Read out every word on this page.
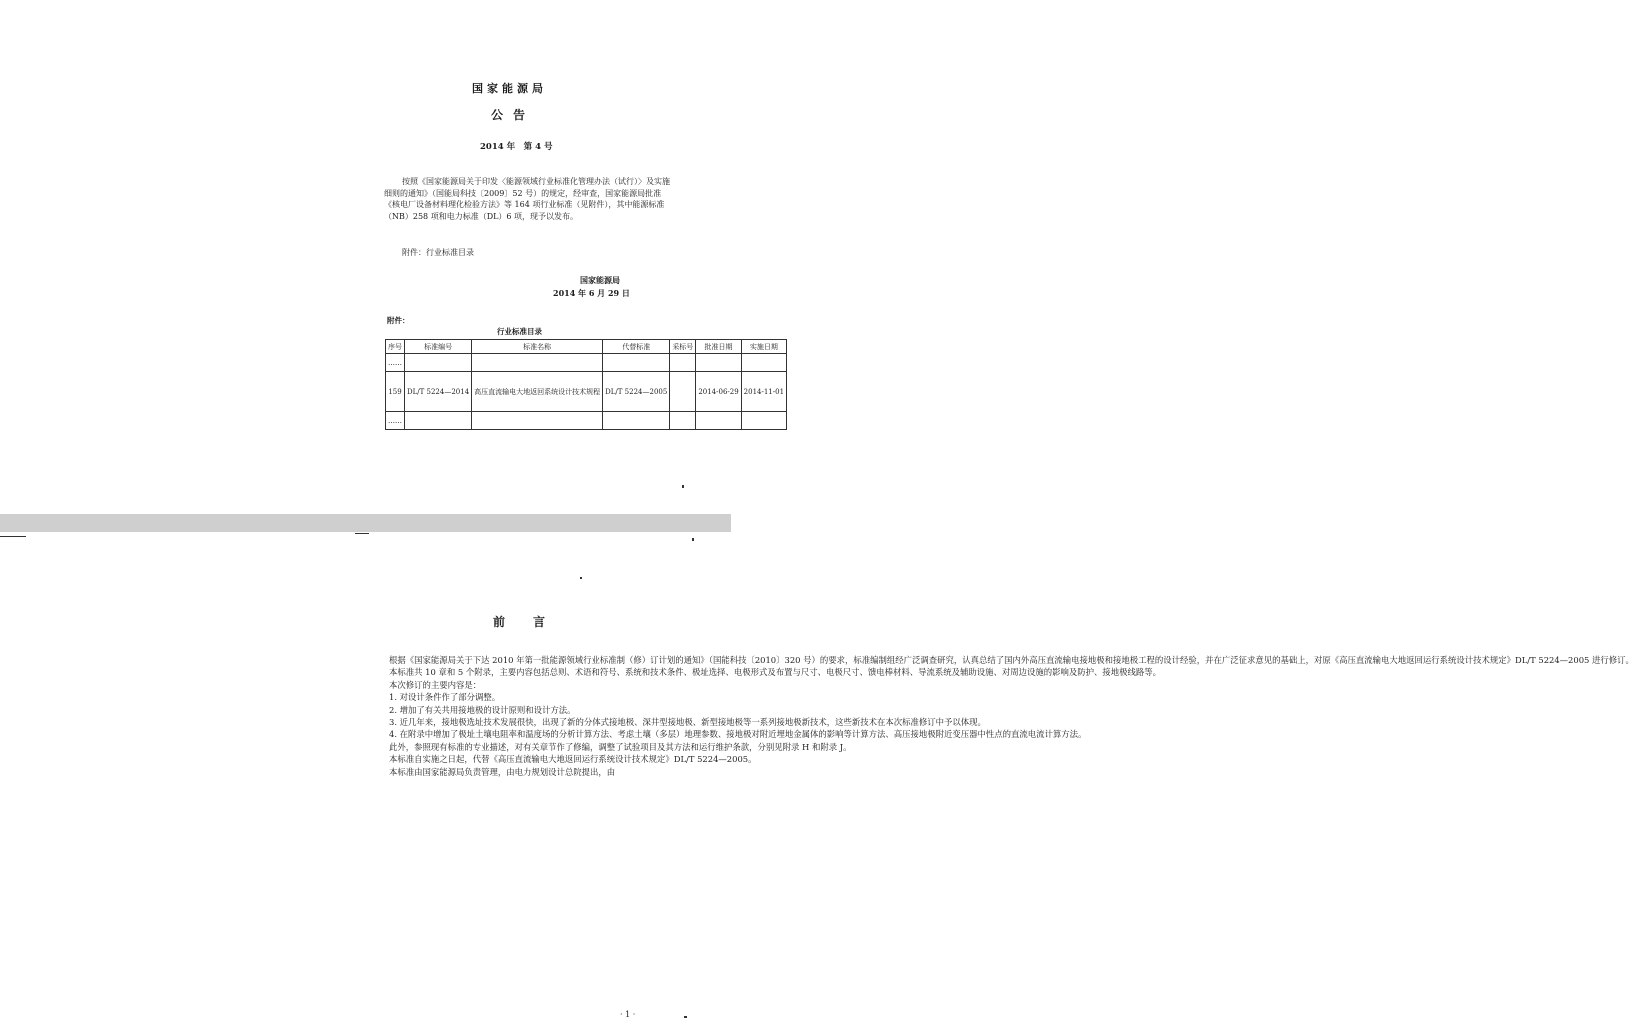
国家能源局
公告
2014 年　第 4 号
按照《国家能源局关于印发〈能源领域行业标准化管理办法（试行）〉及实施细则的通知》（国能局科技〔2009〕52 号）的规定，经审查，国家能源局批准《核电厂设备材料理化检验方法》等 164 项行业标准（见附件），其中能源标准（NB）258 项和电力标准（DL）6 项，现予以发布。
附件：行业标准目录
国家能源局
2014 年 6 月 29 日
附件：
行业标准目录
序号	标准编号	标准名称	代替标准	采标号	批准日期	实施日期
……						
159	DL/T 5224—2014	高压直流输电大地返回系统设计技术规程	DL/T 5224—2005		2014-06-29	2014-11-01
……						
前　言
根据《国家能源局关于下达 2010 年第一批能源领域行业标准制（修）订计划的通知》（国能科技〔2010〕320 号）的要求，标准编制组经广泛调查研究，认真总结了国内外高压直流输电接地极和接地极工程的设计经验，并在广泛征求意见的基础上，对原《高压直流输电大地返回运行系统设计技术规定》DL/T 5224—2005 进行修订。
本标准共 10 章和 5 个附录，主要内容包括总则、术语和符号、系统和技术条件、极址选择、电极形式及布置与尺寸、电极尺寸、馈电棒材料、导流系统及辅助设施、对周边设施的影响及防护、接地极线路等。
本次修订的主要内容是：
1. 对设计条件作了部分调整。
2. 增加了有关共用接地极的设计原则和设计方法。
3. 近几年来，接地极选址技术发展很快，出现了新的分体式接地极、深井型接地极、新型接地极等一系列接地极新技术，这些新技术在本次标准修订中予以体现。
4. 在附录中增加了极址土壤电阻率和温度场的分析计算方法、考虑土壤（多层）地理参数、接地极对附近埋地金属体的影响等计算方法、高压接地极附近变压器中性点的直流电流计算方法。
此外，参照现有标准的专业描述，对有关章节作了修编，调整了试验项目及其方法和运行维护条款，分别见附录 H 和附录 J。
本标准自实施之日起，代替《高压直流输电大地返回运行系统设计技术规定》DL/T 5224—2005。
本标准由国家能源局负责管理，由电力规划设计总院提出，由
· 1 ·
